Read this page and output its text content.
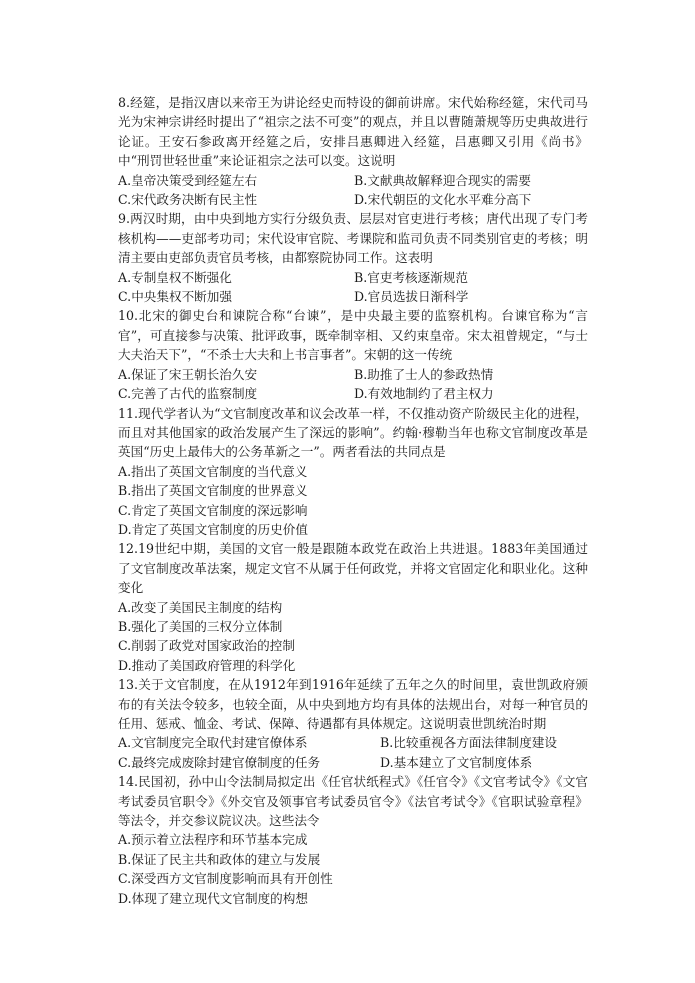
8.经筵，是指汉唐以来帝王为讲论经史而特设的御前讲席。宋代始称经筵，宋代司马光为宋神宗讲经时提出了“祖宗之法不可变”的观点，并且以曹随萧规等历史典故进行论证。王安石参政离开经筵之后，安排吕惠卿进入经筵，吕惠卿又引用《尚书》中“刑罚世轻世重”来论证祖宗之法可以变。这说明
A.皇帝决策受到经筵左右	B.文献典故解释迎合现实的需要
C.宋代政务决断有民主性	D.宋代朝臣的文化水平难分高下
9.两汉时期，由中央到地方实行分级负责、层层对官吏进行考核；唐代出现了专门考核机构——吏部考功司；宋代设审官院、考课院和监司负责不同类别官吏的考核；明清主要由吏部负责官员考核，由都察院协同工作。这表明
A.专制皇权不断强化	B.官吏考核逐渐规范
C.中央集权不断加强	D.官员选拔日渐科学
10.北宋的御史台和谏院合称“台谏”，是中央最主要的监察机构。台谏官称为“言官”，可直接参与决策、批评政事，既牵制宰相、又约束皇帝。宋太祖曾规定，“与士大夫治天下”，“不杀士大夫和上书言事者”。宋朝的这一传统
A.保证了宋王朝长治久安	B.助推了士人的参政热情
C.完善了古代的监察制度	D.有效地制约了君主权力
11.现代学者认为“文官制度改革和议会改革一样，不仅推动资产阶级民主化的进程，而且对其他国家的政治发展产生了深远的影响”。约翰·穆勒当年也称文官制度改革是英国“历史上最伟大的公务革新之一”。两者看法的共同点是
A.指出了英国文官制度的当代意义
B.指出了英国文官制度的世界意义
C.肯定了英国文官制度的深远影响
D.肯定了英国文官制度的历史价值
12.19世纪中期，美国的文官一般是跟随本政党在政治上共进退。1883年美国通过了文官制度改革法案，规定文官不从属于任何政党，并将文官固定化和职业化。这种变化
A.改变了美国民主制度的结构
B.强化了美国的三权分立体制
C.削弱了政党对国家政治的控制
D.推动了美国政府管理的科学化
13.关于文官制度，在从1912年到1916年延续了五年之久的时间里，袁世凯政府颁布的有关法令较多，也较全面，从中央到地方均有具体的法规出台，对每一种官员的任用、惩戒、恤金、考试、保障、待遇都有具体规定。这说明袁世凯统治时期
A.文官制度完全取代封建官僚体系	B.比较重视各方面法律制度建设
C.最终完成废除封建官僚制度的任务	D.基本建立了文官制度体系
14.民国初，孙中山令法制局拟定出《任官状纸程式》《任官令》《文官考试令》《文官考试委员官职令》《外交官及领事官考试委员官令》《法官考试令》《官职试验章程》等法令，并交参议院议决。这些法令
A.预示着立法程序和环节基本完成
B.保证了民主共和政体的建立与发展
C.深受西方文官制度影响而具有开创性
D.体现了建立现代文官制度的构想
